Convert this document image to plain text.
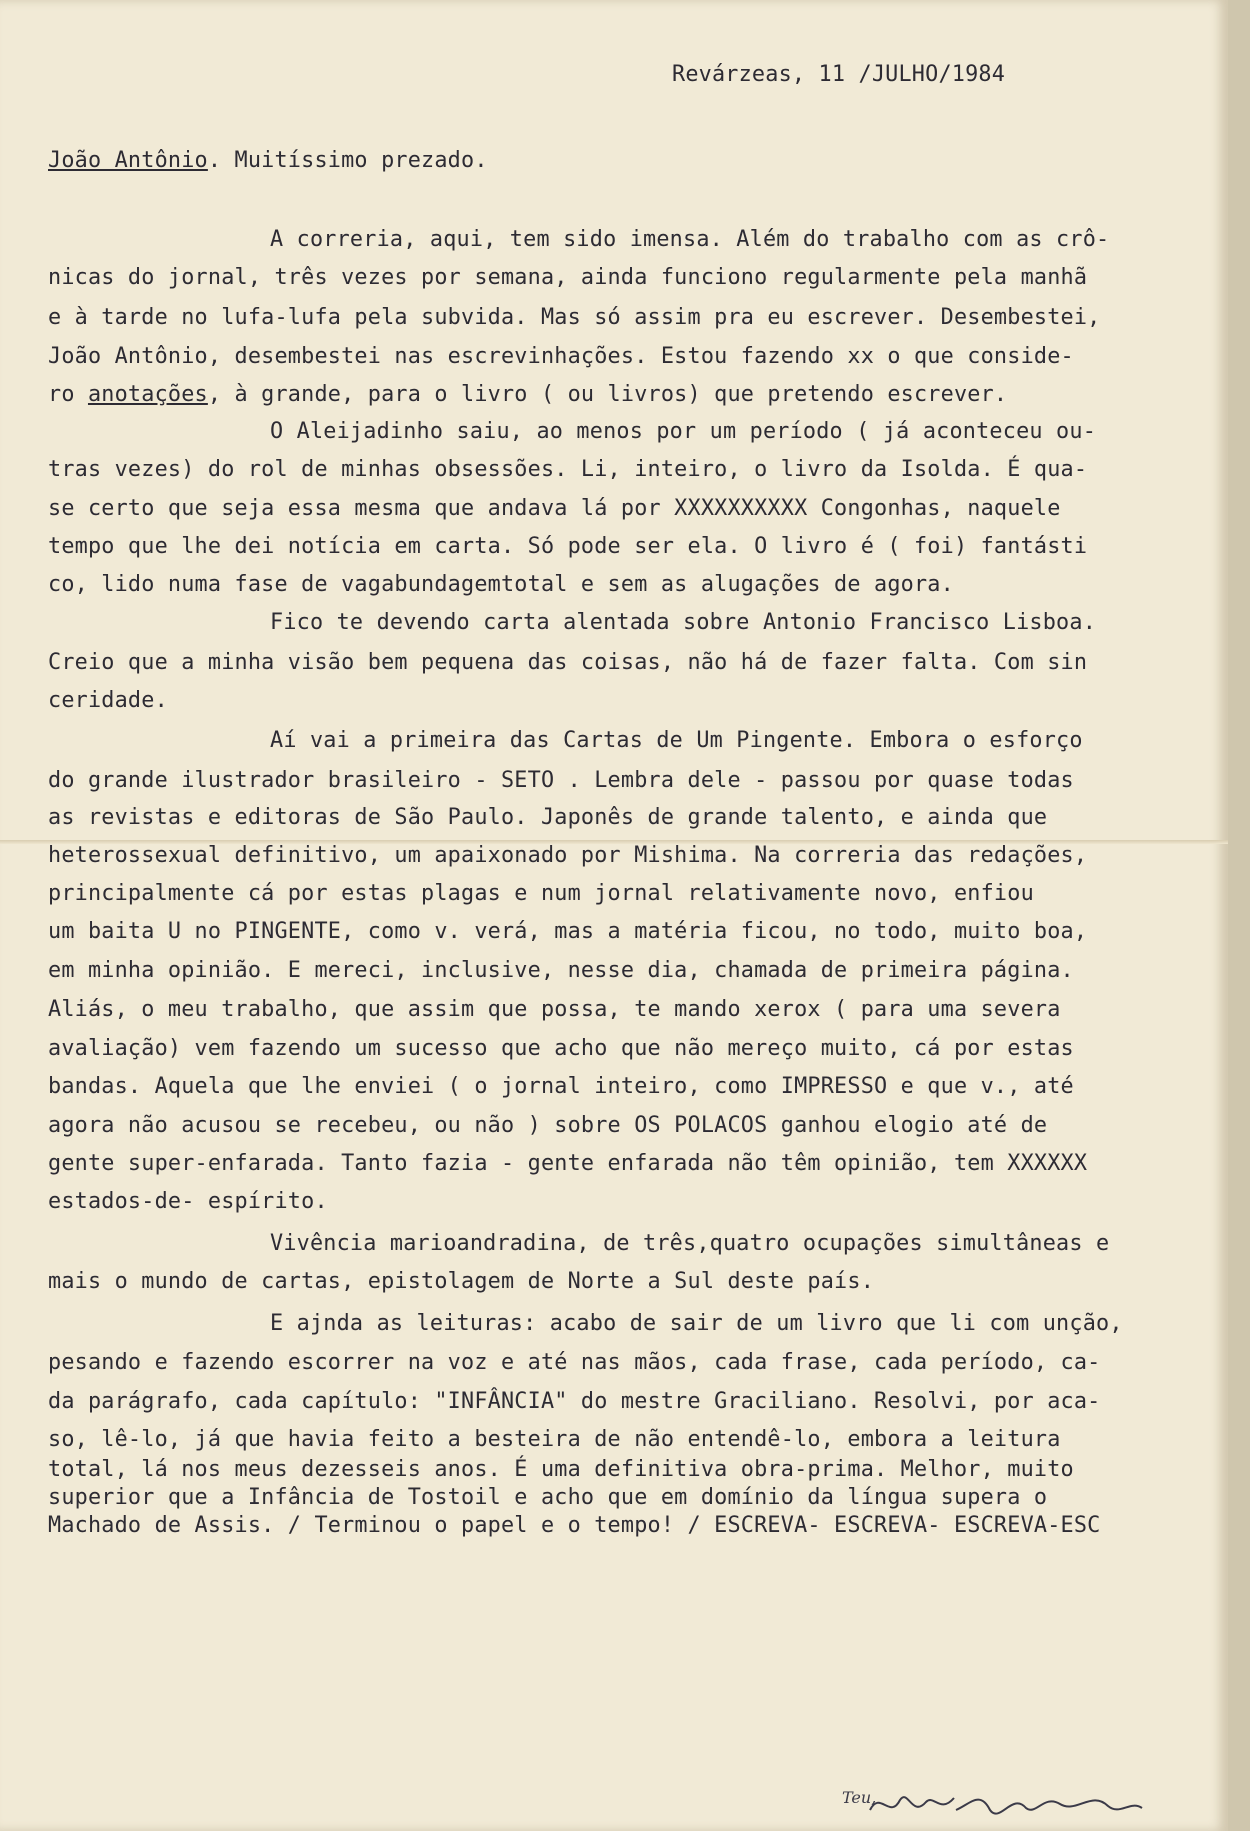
Revárzeas, 11 /JULHO/1984
João Antônio. Muitíssimo prezado.
A correria, aqui, tem sido imensa. Além do trabalho com as crô-
nicas do jornal, três vezes por semana, ainda funciono regularmente pela manhã
e à tarde no lufa-lufa pela subvida. Mas só assim pra eu escrever. Desembestei,
João Antônio, desembestei nas escrevinhações. Estou fazendo xx o que conside-
ro anotações, à grande, para o livro ( ou livros) que pretendo escrever.
O Aleijadinho saiu, ao menos por um período ( já aconteceu ou-
tras vezes) do rol de minhas obsessões. Li, inteiro, o livro da Isolda. É qua-
se certo que seja essa mesma que andava lá por XXXXXXXXXX Congonhas, naquele
tempo que lhe dei notícia em carta. Só pode ser ela. O livro é ( foi) fantásti
co, lido numa fase de vagabundagemtotal e sem as alugações de agora.
Fico te devendo carta alentada sobre Antonio Francisco Lisboa.
Creio que a minha visão bem pequena das coisas, não há de fazer falta. Com sin
ceridade.
Aí vai a primeira das Cartas de Um Pingente. Embora o esforço
do grande ilustrador brasileiro - SETO . Lembra dele - passou por quase todas
as revistas e editoras de São Paulo. Japonês de grande talento, e ainda que
heterossexual definitivo, um apaixonado por Mishima. Na correria das redações,
principalmente cá por estas plagas e num jornal relativamente novo, enfiou
um baita U no PINGENTE, como v. verá, mas a matéria ficou, no todo, muito boa,
em minha opinião. E mereci, inclusive, nesse dia, chamada de primeira página.
Aliás, o meu trabalho, que assim que possa, te mando xerox ( para uma severa
avaliação) vem fazendo um sucesso que acho que não mereço muito, cá por estas
bandas. Aquela que lhe enviei ( o jornal inteiro, como IMPRESSO e que v., até
agora não acusou se recebeu, ou não ) sobre OS POLACOS ganhou elogio até de
gente super-enfarada. Tanto fazia - gente enfarada não têm opinião, tem XXXXXX
estados-de- espírito.
Vivência marioandradina, de três,quatro ocupações simultâneas e
mais o mundo de cartas, epistolagem de Norte a Sul deste país.
E ajnda as leituras: acabo de sair de um livro que li com unção,
pesando e fazendo escorrer na voz e até nas mãos, cada frase, cada período, ca-
da parágrafo, cada capítulo: "INFÂNCIA" do mestre Graciliano. Resolvi, por aca-
so, lê-lo, já que havia feito a besteira de não entendê-lo, embora a leitura
total, lá nos meus dezesseis anos. É uma definitiva obra-prima. Melhor, muito
superior que a Infância de Tostoil e acho que em domínio da língua supera o
Machado de Assis. / Terminou o papel e o tempo! / ESCREVA- ESCREVA- ESCREVA-ESC
Teu,
Wilson Bueno
